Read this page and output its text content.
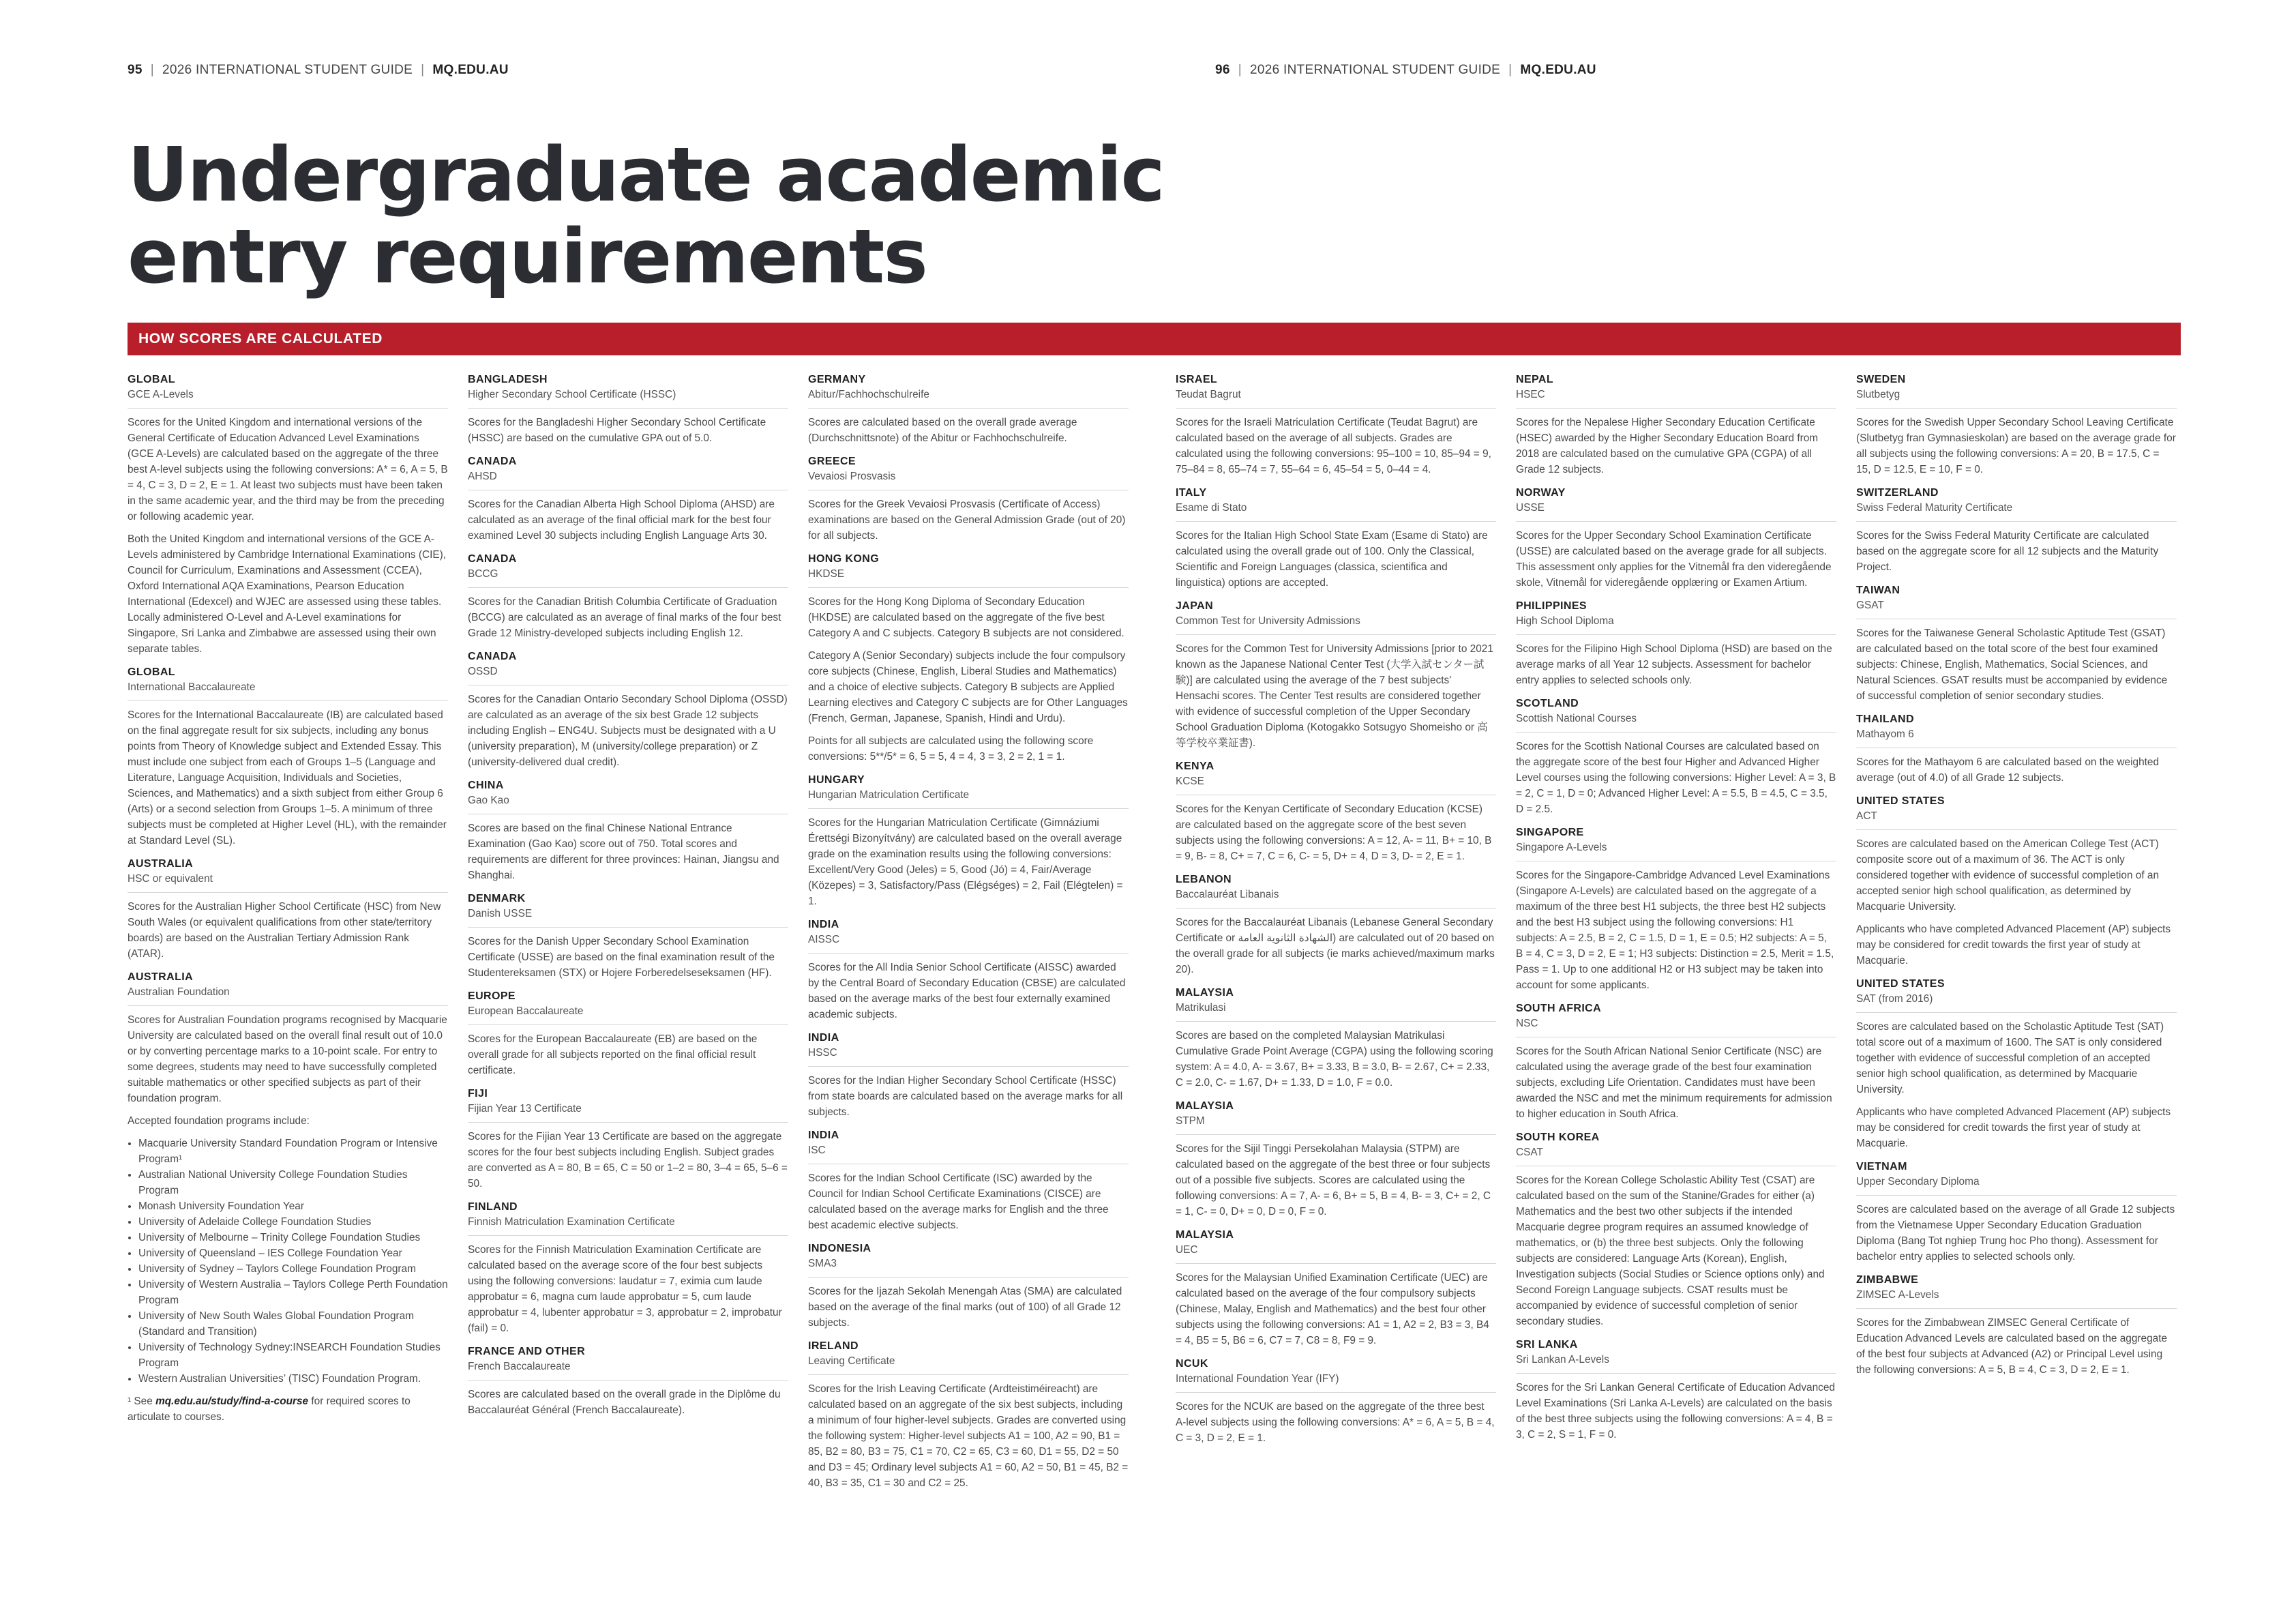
95 | 2026 INTERNATIONAL STUDENT GUIDE | MQ.EDU.AU	96 | 2026 INTERNATIONAL STUDENT GUIDE | MQ.EDU.AU
Undergraduate academic entry requirements
HOW SCORES ARE CALCULATED
GLOBAL
GCE A-Levels

Scores for the United Kingdom and international versions of the General Certificate of Education Advanced Level Examinations (GCE A-Levels) are calculated based on the aggregate of the three best A-level subjects using the following conversions: A* = 6, A = 5, B = 4, C = 3, D = 2, E = 1. At least two subjects must have been taken in the same academic year, and the third may be from the preceding or following academic year.

Both the United Kingdom and international versions of the GCE A-Levels administered by Cambridge International Examinations (CIE), Council for Curriculum, Examinations and Assessment (CCEA), Oxford International AQA Examinations, Pearson Education International (Edexcel) and WJEC are assessed using these tables. Locally administered O-Level and A-Level examinations for Singapore, Sri Lanka and Zimbabwe are assessed using their own separate tables.

GLOBAL
International Baccalaureate

Scores for the International Baccalaureate (IB) are calculated based on the final aggregate result for six subjects, including any bonus points from Theory of Knowledge subject and Extended Essay. This must include one subject from each of Groups 1–5 (Language and Literature, Language Acquisition, Individuals and Societies, Sciences, and Mathematics) and a sixth subject from either Group 6 (Arts) or a second selection from Groups 1–5. A minimum of three subjects must be completed at Higher Level (HL), with the remainder at Standard Level (SL).

AUSTRALIA
HSC or equivalent

Scores for the Australian Higher School Certificate (HSC) from New South Wales (or equivalent qualifications from other state/territory boards) are based on the Australian Tertiary Admission Rank (ATAR).

AUSTRALIA
Australian Foundation

Scores for Australian Foundation programs recognised by Macquarie University are calculated based on the overall final result out of 10.0 or by converting percentage marks to a 10-point scale. For entry to some degrees, students may need to have successfully completed suitable mathematics or other specified subjects as part of their foundation program.

Accepted foundation programs include:

• Macquarie University Standard Foundation Program or Intensive Program¹
• Australian National University College Foundation Studies Program
• Monash University Foundation Year
• University of Adelaide College Foundation Studies
• University of Melbourne – Trinity College Foundation Studies
• University of Queensland – IES College Foundation Year
• University of Sydney – Taylors College Foundation Program
• University of Western Australia – Taylors College Perth Foundation Program
• University of New South Wales Global Foundation Program (Standard and Transition)
• University of Technology Sydney:INSEARCH Foundation Studies Program
• Western Australian Universities’ (TISC) Foundation Program.

¹ See mq.edu.au/study/find-a-course for required scores to articulate to courses.

BANGLADESH
Higher Secondary School Certificate (HSSC)

Scores for the Bangladeshi Higher Secondary School Certificate (HSSC) are based on the cumulative GPA out of 5.0.

CANADA
AHSD

Scores for the Canadian Alberta High School Diploma (AHSD) are calculated as an average of the final official mark for the best four examined Level 30 subjects including English Language Arts 30.

CANADA
BCCG

Scores for the Canadian British Columbia Certificate of Graduation (BCCG) are calculated as an average of final marks of the four best Grade 12 Ministry-developed subjects including English 12.

CANADA
OSSD

Scores for the Canadian Ontario Secondary School Diploma (OSSD) are calculated as an average of the six best Grade 12 subjects including English – ENG4U. Subjects must be designated with a U (university preparation), M (university/college preparation) or Z (university-delivered dual credit).

CHINA
Gao Kao

Scores are based on the final Chinese National Entrance Examination (Gao Kao) score out of 750. Total scores and requirements are different for three provinces: Hainan, Jiangsu and Shanghai.

DENMARK
Danish USSE

Scores for the Danish Upper Secondary School Examination Certificate (USSE) are based on the final examination result of the Studentereksamen (STX) or Hojere Forberedelseseksamen (HF).

EUROPE
European Baccalaureate

Scores for the European Baccalaureate (EB) are based on the overall grade for all subjects reported on the final official result certificate.

FIJI
Fijian Year 13 Certificate

Scores for the Fijian Year 13 Certificate are based on the aggregate scores for the four best subjects including English. Subject grades are converted as A = 80, B = 65, C = 50 or 1–2 = 80, 3–4 = 65, 5–6 = 50.

FINLAND
Finnish Matriculation Examination Certificate

Scores for the Finnish Matriculation Examination Certificate are calculated based on the average score of the four best subjects using the following conversions: laudatur = 7, eximia cum laude approbatur = 6, magna cum laude approbatur = 5, cum laude approbatur = 4, lubenter approbatur = 3, approbatur = 2, improbatur (fail) = 0.

FRANCE AND OTHER
French Baccalaureate

Scores are calculated based on the overall grade in the Diplôme du Baccalauréat Général (French Baccalaureate).

GERMANY
Abitur/Fachhochschulreife

Scores are calculated based on the overall grade average (Durchschnittsnote) of the Abitur or Fachhochschulreife.

GREECE
Vevaiosi Prosvasis

Scores for the Greek Vevaiosi Prosvasis (Certificate of Access) examinations are based on the General Admission Grade (out of 20) for all subjects.

HONG KONG
HKDSE

Scores for the Hong Kong Diploma of Secondary Education (HKDSE) are calculated based on the aggregate of the five best Category A and C subjects. Category B subjects are not considered.

Category A (Senior Secondary) subjects include the four compulsory core subjects (Chinese, English, Liberal Studies and Mathematics) and a choice of elective subjects. Category B subjects are Applied Learning electives and Category C subjects are for Other Languages (French, German, Japanese, Spanish, Hindi and Urdu).

Points for all subjects are calculated using the following score conversions: 5**/5* = 6, 5 = 5, 4 = 4, 3 = 3, 2 = 2, 1 = 1.

HUNGARY
Hungarian Matriculation Certificate

Scores for the Hungarian Matriculation Certificate (Gimnáziumi Érettségi Bizonyítvány) are calculated based on the overall average grade on the examination results using the following conversions: Excellent/Very Good (Jeles) = 5, Good (Jó) = 4, Fair/Average (Közepes) = 3, Satisfactory/Pass (Elégséges) = 2, Fail (Elégtelen) = 1.

INDIA
AISSC

Scores for the All India Senior School Certificate (AISSC) awarded by the Central Board of Secondary Education (CBSE) are calculated based on the average marks of the best four externally examined academic subjects.

INDIA
HSSC

Scores for the Indian Higher Secondary School Certificate (HSSC) from state boards are calculated based on the average marks for all subjects.

INDIA
ISC

Scores for the Indian School Certificate (ISC) awarded by the Council for Indian School Certificate Examinations (CISCE) are calculated based on the average marks for English and the three best academic elective subjects.

INDONESIA
SMA3

Scores for the Ijazah Sekolah Menengah Atas (SMA) are calculated based on the average of the final marks (out of 100) of all Grade 12 subjects.

IRELAND
Leaving Certificate

Scores for the Irish Leaving Certificate (Ardteistiméireacht) are calculated based on an aggregate of the six best subjects, including a minimum of four higher-level subjects. Grades are converted using the following system: Higher-level subjects A1 = 100, A2 = 90, B1 = 85, B2 = 80, B3 = 75, C1 = 70, C2 = 65, C3 = 60, D1 = 55, D2 = 50 and D3 = 45; Ordinary level subjects A1 = 60, A2 = 50, B1 = 45, B2 = 40, B3 = 35, C1 = 30 and C2 = 25.

ISRAEL
Teudat Bagrut

Scores for the Israeli Matriculation Certificate (Teudat Bagrut) are calculated based on the average of all subjects. Grades are calculated using the following conversions: 95–100 = 10, 85–94 = 9, 75–84 = 8, 65–74 = 7, 55–64 = 6, 45–54 = 5, 0–44 = 4.

ITALY
Esame di Stato

Scores for the Italian High School State Exam (Esame di Stato) are calculated using the overall grade out of 100. Only the Classical, Scientific and Foreign Languages (classica, scientifica and linguistica) options are accepted.

JAPAN
Common Test for University Admissions

Scores for the Common Test for University Admissions [prior to 2021 known as the Japanese National Center Test (大学入試センター試験)] are calculated using the average of the 7 best subjects' Hensachi scores. The Center Test results are considered together with evidence of successful completion of the Upper Secondary School Graduation Diploma (Kotogakko Sotsugyo Shomeisho or 高等学校卒業証書).

KENYA
KCSE

Scores for the Kenyan Certificate of Secondary Education (KCSE) are calculated based on the aggregate score of the best seven subjects using the following conversions: A = 12, A- = 11, B+ = 10, B = 9, B- = 8, C+ = 7, C = 6, C- = 5, D+ = 4, D = 3, D- = 2, E = 1.

LEBANON
Baccalauréat Libanais

Scores for the Baccalauréat Libanais (Lebanese General Secondary Certificate or الشهادة الثانوية العامة) are calculated out of 20 based on the overall grade for all subjects (ie marks achieved/maximum marks 20).

MALAYSIA
Matrikulasi

Scores are based on the completed Malaysian Matrikulasi Cumulative Grade Point Average (CGPA) using the following scoring system: A = 4.0, A- = 3.67, B+ = 3.33, B = 3.0, B- = 2.67, C+ = 2.33, C = 2.0, C- = 1.67, D+ = 1.33, D = 1.0, F = 0.0.

MALAYSIA
STPM

Scores for the Sijil Tinggi Persekolahan Malaysia (STPM) are calculated based on the aggregate of the best three or four subjects out of a possible five subjects. Scores are calculated using the following conversions: A = 7, A- = 6, B+ = 5, B = 4, B- = 3, C+ = 2, C = 1, C- = 0, D+ = 0, D = 0, F = 0.

MALAYSIA
UEC

Scores for the Malaysian Unified Examination Certificate (UEC) are calculated based on the average of the four compulsory subjects (Chinese, Malay, English and Mathematics) and the best four other subjects using the following conversions: A1 = 1, A2 = 2, B3 = 3, B4 = 4, B5 = 5, B6 = 6, C7 = 7, C8 = 8, F9 = 9.

NCUK
International Foundation Year (IFY)

Scores for the NCUK are based on the aggregate of the three best A-level subjects using the following conversions: A* = 6, A = 5, B = 4, C = 3, D = 2, E = 1.

NEPAL
HSEC

Scores for the Nepalese Higher Secondary Education Certificate (HSEC) awarded by the Higher Secondary Education Board from 2018 are calculated based on the cumulative GPA (CGPA) of all Grade 12 subjects.

NORWAY
USSE

Scores for the Upper Secondary School Examination Certificate (USSE) are calculated based on the average grade for all subjects. This assessment only applies for the Vitnemål fra den videregående skole, Vitnemål for videregående opplæring or Examen Artium.

PHILIPPINES
High School Diploma

Scores for the Filipino High School Diploma (HSD) are based on the average marks of all Year 12 subjects. Assessment for bachelor entry applies to selected schools only.

SCOTLAND
Scottish National Courses

Scores for the Scottish National Courses are calculated based on the aggregate score of the best four Higher and Advanced Higher Level courses using the following conversions: Higher Level: A = 3, B = 2, C = 1, D = 0; Advanced Higher Level: A = 5.5, B = 4.5, C = 3.5, D = 2.5.

SINGAPORE
Singapore A-Levels

Scores for the Singapore-Cambridge Advanced Level Examinations (Singapore A-Levels) are calculated based on the aggregate of a maximum of the three best H1 subjects, the three best H2 subjects and the best H3 subject using the following conversions: H1 subjects: A = 2.5, B = 2, C = 1.5, D = 1, E = 0.5; H2 subjects: A = 5, B = 4, C = 3, D = 2, E = 1; H3 subjects: Distinction = 2.5, Merit = 1.5, Pass = 1. Up to one additional H2 or H3 subject may be taken into account for some applicants.

SOUTH AFRICA
NSC

Scores for the South African National Senior Certificate (NSC) are calculated using the average grade of the best four examination subjects, excluding Life Orientation. Candidates must have been awarded the NSC and met the minimum requirements for admission to higher education in South Africa.

SOUTH KOREA
CSAT

Scores for the Korean College Scholastic Ability Test (CSAT) are calculated based on the sum of the Stanine/Grades for either (a) Mathematics and the best two other subjects if the intended Macquarie degree program requires an assumed knowledge of mathematics, or (b) the three best subjects. Only the following subjects are considered: Language Arts (Korean), English, Investigation subjects (Social Studies or Science options only) and Second Foreign Language subjects. CSAT results must be accompanied by evidence of successful completion of senior secondary studies.

SRI LANKA
Sri Lankan A-Levels

Scores for the Sri Lankan General Certificate of Education Advanced Level Examinations (Sri Lanka A-Levels) are calculated on the basis of the best three subjects using the following conversions: A = 4, B = 3, C = 2, S = 1, F = 0.

SWEDEN
Slutbetyg

Scores for the Swedish Upper Secondary School Leaving Certificate (Slutbetyg fran Gymnasieskolan) are based on the average grade for all subjects using the following conversions: A = 20, B = 17.5, C = 15, D = 12.5, E = 10, F = 0.

SWITZERLAND
Swiss Federal Maturity Certificate

Scores for the Swiss Federal Maturity Certificate are calculated based on the aggregate score for all 12 subjects and the Maturity Project.

TAIWAN
GSAT

Scores for the Taiwanese General Scholastic Aptitude Test (GSAT) are calculated based on the total score of the best four examined subjects: Chinese, English, Mathematics, Social Sciences, and Natural Sciences. GSAT results must be accompanied by evidence of successful completion of senior secondary studies.

THAILAND
Mathayom 6

Scores for the Mathayom 6 are calculated based on the weighted average (out of 4.0) of all Grade 12 subjects.

UNITED STATES
ACT

Scores are calculated based on the American College Test (ACT) composite score out of a maximum of 36. The ACT is only considered together with evidence of successful completion of an accepted senior high school qualification, as determined by Macquarie University.

Applicants who have completed Advanced Placement (AP) subjects may be considered for credit towards the first year of study at Macquarie.

UNITED STATES
SAT (from 2016)

Scores are calculated based on the Scholastic Aptitude Test (SAT) total score out of a maximum of 1600. The SAT is only considered together with evidence of successful completion of an accepted senior high school qualification, as determined by Macquarie University.

Applicants who have completed Advanced Placement (AP) subjects may be considered for credit towards the first year of study at Macquarie.

VIETNAM
Upper Secondary Diploma

Scores are calculated based on the average of all Grade 12 subjects from the Vietnamese Upper Secondary Education Graduation Diploma (Bang Tot nghiep Trung hoc Pho thong). Assessment for bachelor entry applies to selected schools only.

ZIMBABWE
ZIMSEC A-Levels

Scores for the Zimbabwean ZIMSEC General Certificate of Education Advanced Levels are calculated based on the aggregate of the best four subjects at Advanced (A2) or Principal Level using the following conversions: A = 5, B = 4, C = 3, D = 2, E = 1.
